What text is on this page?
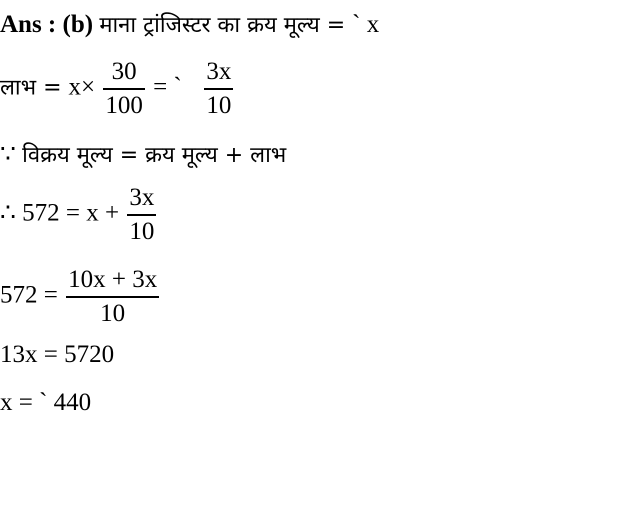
Ans : (b) माना ट्रांजिस्टर का क्रय मूल्य = ` x
लाभ = $x\times \frac{30}{100}$ = ` $\frac{3x}{10}$
∵ विक्रय मूल्य = क्रय मूल्य + लाभ
∴ $572 = x + \frac{3x}{10}$
$572 = \frac{10x + 3x}{10}$
13x = 5720
x = ` 440
